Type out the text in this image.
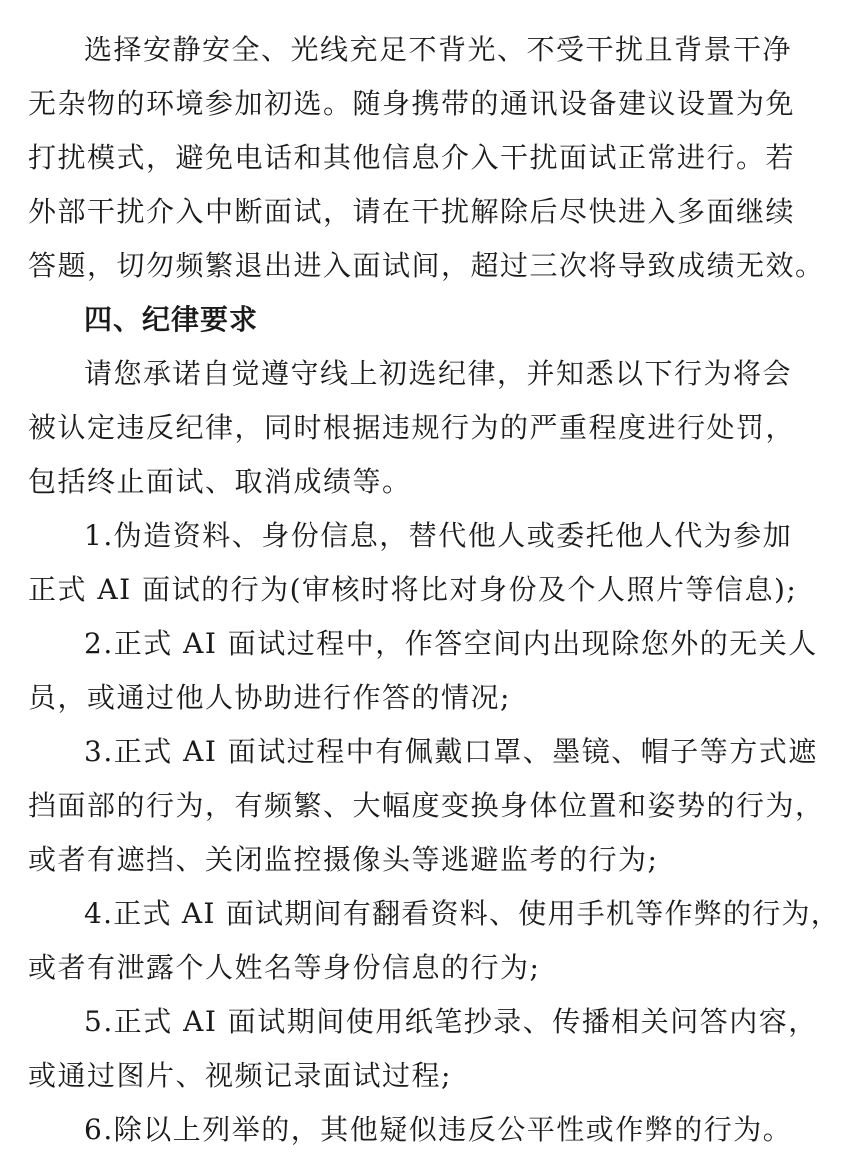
选择安静安全、光线充足不背光、不受干扰且背景干净
无杂物的环境参加初选。随身携带的通讯设备建议设置为免
打扰模式，避免电话和其他信息介入干扰面试正常进行。若
外部干扰介入中断面试，请在干扰解除后尽快进入多面继续
答题，切勿频繁退出进入面试间，超过三次将导致成绩无效。
四、纪律要求
请您承诺自觉遵守线上初选纪律，并知悉以下行为将会
被认定违反纪律，同时根据违规行为的严重程度进行处罚，
包括终止面试、取消成绩等。
1.伪造资料、身份信息，替代他人或委托他人代为参加
正式 AI 面试的行为(审核时将比对身份及个人照片等信息);
2.正式 AI 面试过程中，作答空间内出现除您外的无关人
员，或通过他人协助进行作答的情况;
3.正式 AI 面试过程中有佩戴口罩、墨镜、帽子等方式遮
挡面部的行为，有频繁、大幅度变换身体位置和姿势的行为，
或者有遮挡、关闭监控摄像头等逃避监考的行为;
4.正式 AI 面试期间有翻看资料、使用手机等作弊的行为，
或者有泄露个人姓名等身份信息的行为;
5.正式 AI 面试期间使用纸笔抄录、传播相关问答内容，
或通过图片、视频记录面试过程;
6.除以上列举的，其他疑似违反公平性或作弊的行为。
